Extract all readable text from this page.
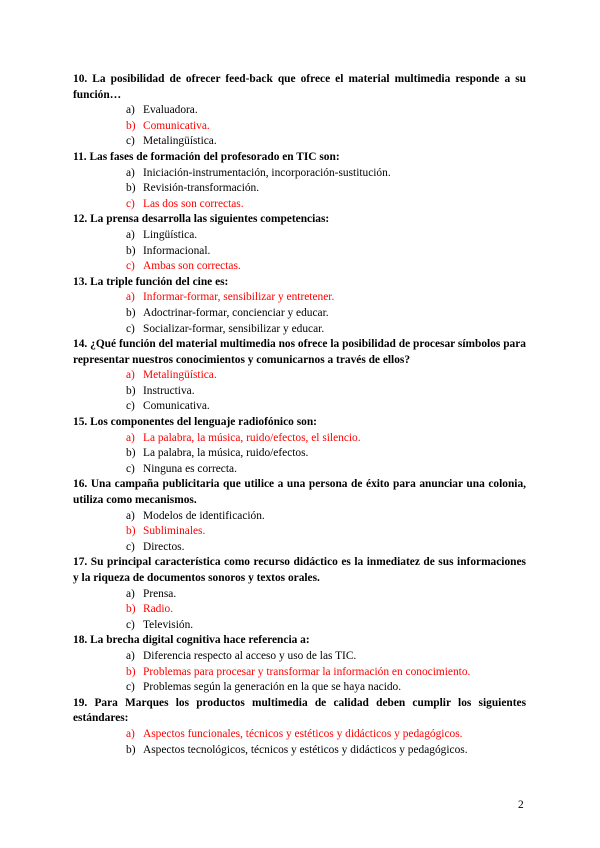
10. La posibilidad de ofrecer feed-back que ofrece el material multimedia responde a su función…

a) Evaluadora.
b) Comunicativa.
c) Metalingüística.

11. Las fases de formación del profesorado en TIC son:

a) Iniciación-instrumentación, incorporación-sustitución.
b) Revisión-transformación.
c) Las dos son correctas.

12. La prensa desarrolla las siguientes competencias:

a) Lingüística.
b) Informacional.
c) Ambas son correctas.

13. La triple función del cine es:

a) Informar-formar, sensibilizar y entretener.
b) Adoctrinar-formar, concienciar y educar.
c) Socializar-formar, sensibilizar y educar.

14. ¿Qué función del material multimedia nos ofrece la posibilidad de procesar símbolos para representar nuestros conocimientos y comunicarnos a través de ellos?

a) Metalingüística.
b) Instructiva.
c) Comunicativa.

15. Los componentes del lenguaje radiofónico son:

a) La palabra, la música, ruido/efectos, el silencio.
b) La palabra, la música, ruido/efectos.
c) Ninguna es correcta.

16. Una campaña publicitaria que utilice a una persona de éxito para anunciar una colonia, utiliza como mecanismos.

a) Modelos de identificación.
b) Subliminales.
c) Directos.

17. Su principal característica como recurso didáctico es la inmediatez de sus informaciones y la riqueza de documentos sonoros y textos orales.

a) Prensa.
b) Radio.
c) Televisión.

18. La brecha digital cognitiva hace referencia a:

a) Diferencia respecto al acceso y uso de las TIC.
b) Problemas para procesar y transformar la información en conocimiento.
c) Problemas según la generación en la que se haya nacido.

19. Para Marques los productos multimedia de calidad deben cumplir los siguientes estándares:

a) Aspectos funcionales, técnicos y estéticos y didácticos y pedagógicos.
b) Aspectos tecnológicos, técnicos y estéticos y didácticos y pedagógicos.
2
